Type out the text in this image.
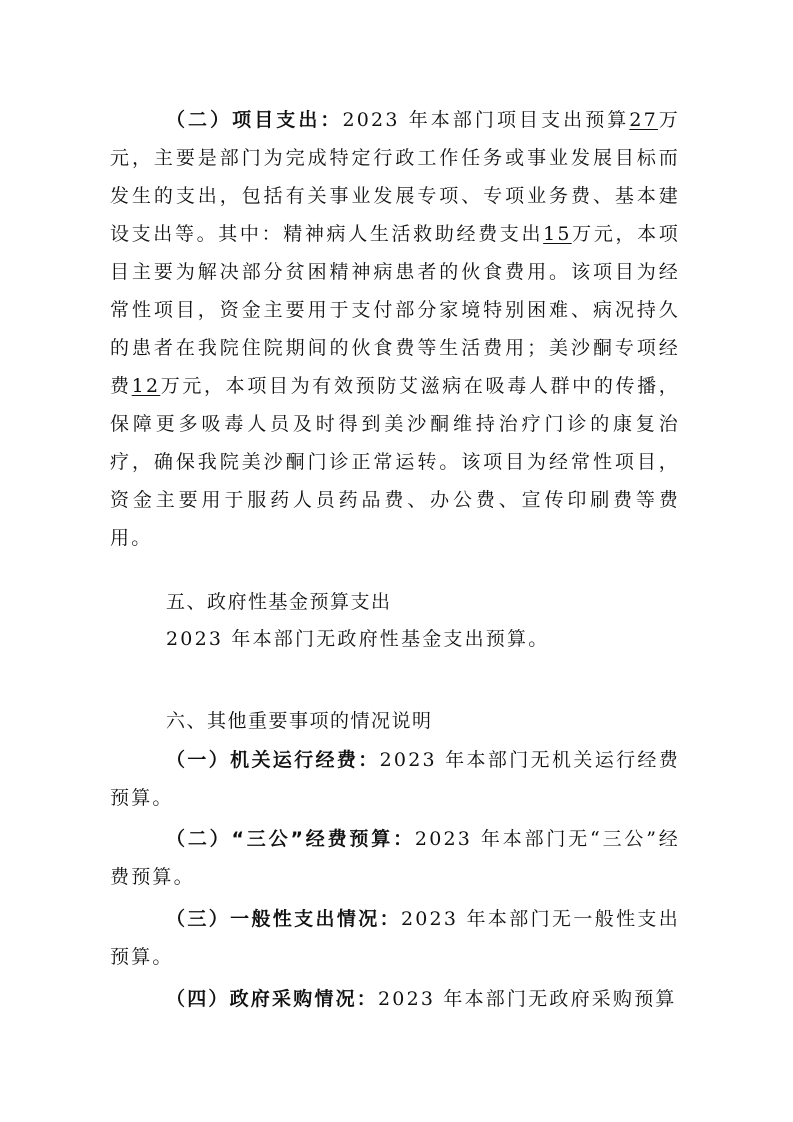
（二）项目支出：2023 年本部门项目支出预算27万元，主要是部门为完成特定行政工作任务或事业发展目标而发生的支出，包括有关事业发展专项、专项业务费、基本建设支出等。其中：精神病人生活救助经费支出15万元，本项目主要为解决部分贫困精神病患者的伙食费用。该项目为经常性项目，资金主要用于支付部分家境特别困难、病况持久的患者在我院住院期间的伙食费等生活费用；美沙酮专项经费12万元，本项目为有效预防艾滋病在吸毒人群中的传播，保障更多吸毒人员及时得到美沙酮维持治疗门诊的康复治疗，确保我院美沙酮门诊正常运转。该项目为经常性项目，资金主要用于服药人员药品费、办公费、宣传印刷费等费用。

五、政府性基金预算支出

2023 年本部门无政府性基金支出预算。

六、其他重要事项的情况说明

（一）机关运行经费：2023 年本部门无机关运行经费预算。

（二）“三公”经费预算：2023 年本部门无“三公”经费预算。

（三）一般性支出情况：2023 年本部门无一般性支出预算。

（四）政府采购情况：2023 年本部门无政府采购预算
